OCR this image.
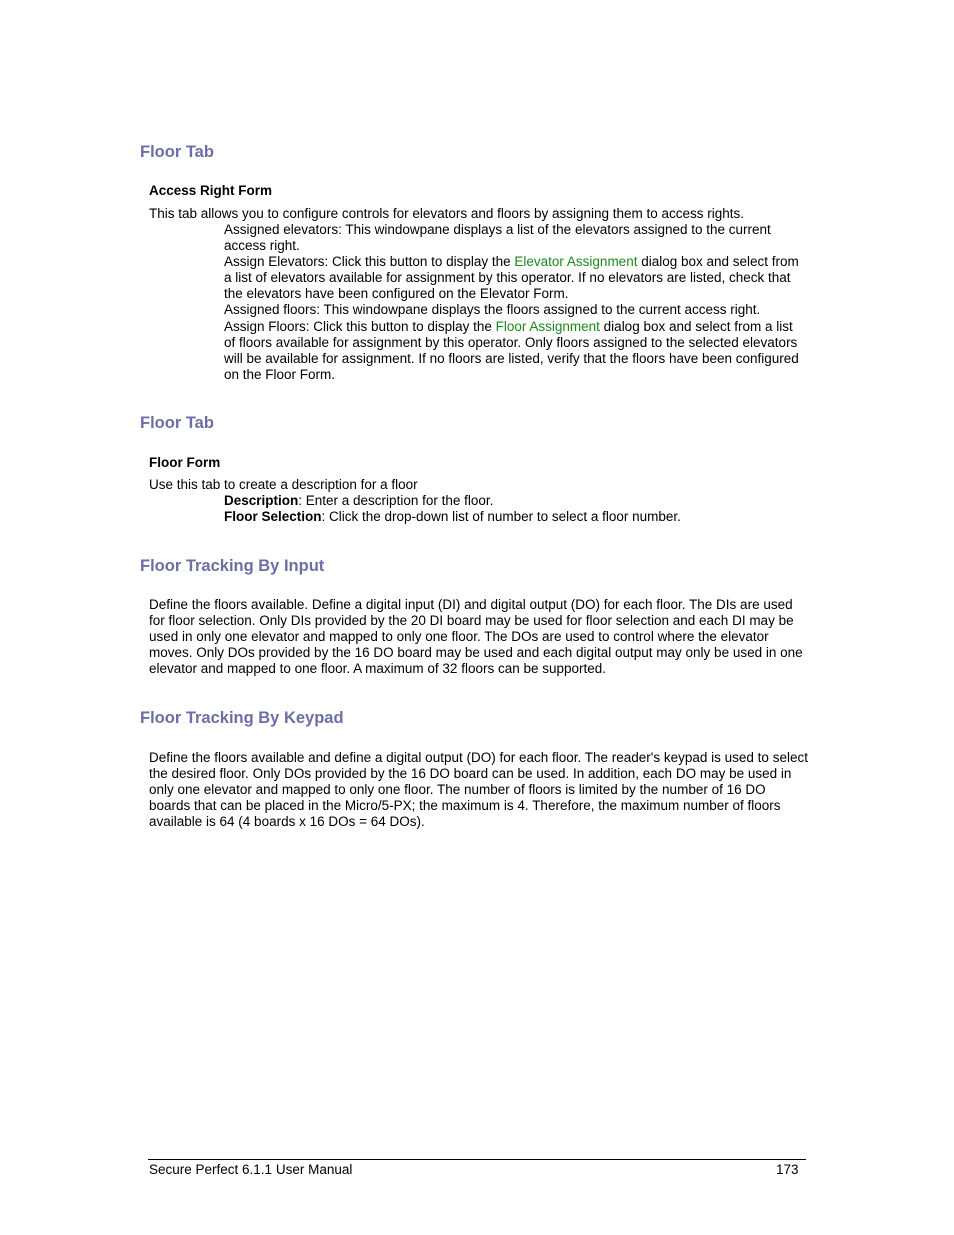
Floor Tab
Access Right Form
This tab allows you to configure controls for elevators and floors by assigning them to access rights.
Assigned elevators: This windowpane displays a list of the elevators assigned to the current access right.
Assign Elevators: Click this button to display the Elevator Assignment dialog box and select from a list of elevators available for assignment by this operator. If no elevators are listed, check that the elevators have been configured on the Elevator Form.
Assigned floors: This windowpane displays the floors assigned to the current access right.
Assign Floors: Click this button to display the Floor Assignment dialog box and select from a list of floors available for assignment by this operator. Only floors assigned to the selected elevators will be available for assignment. If no floors are listed, verify that the floors have been configured on the Floor Form.
Floor Tab
Floor Form
Use this tab to create a description for a floor
Description: Enter a description for the floor.
Floor Selection: Click the drop-down list of number to select a floor number.
Floor Tracking By Input
Define the floors available. Define a digital input (DI) and digital output (DO) for each floor. The DIs are used for floor selection. Only DIs provided by the 20 DI board may be used for floor selection and each DI may be used in only one elevator and mapped to only one floor. The DOs are used to control where the elevator moves. Only DOs provided by the 16 DO board may be used and each digital output may only be used in one elevator and mapped to one floor. A maximum of 32 floors can be supported.
Floor Tracking By Keypad
Define the floors available and define a digital output (DO) for each floor. The reader's keypad is used to select the desired floor. Only DOs provided by the 16 DO board can be used. In addition, each DO may be used in only one elevator and mapped to only one floor. The number of floors is limited by the number of 16 DO boards that can be placed in the Micro/5-PX; the maximum is 4. Therefore, the maximum number of floors available is 64 (4 boards x 16 DOs = 64 DOs).
Secure Perfect 6.1.1 User Manual	173
